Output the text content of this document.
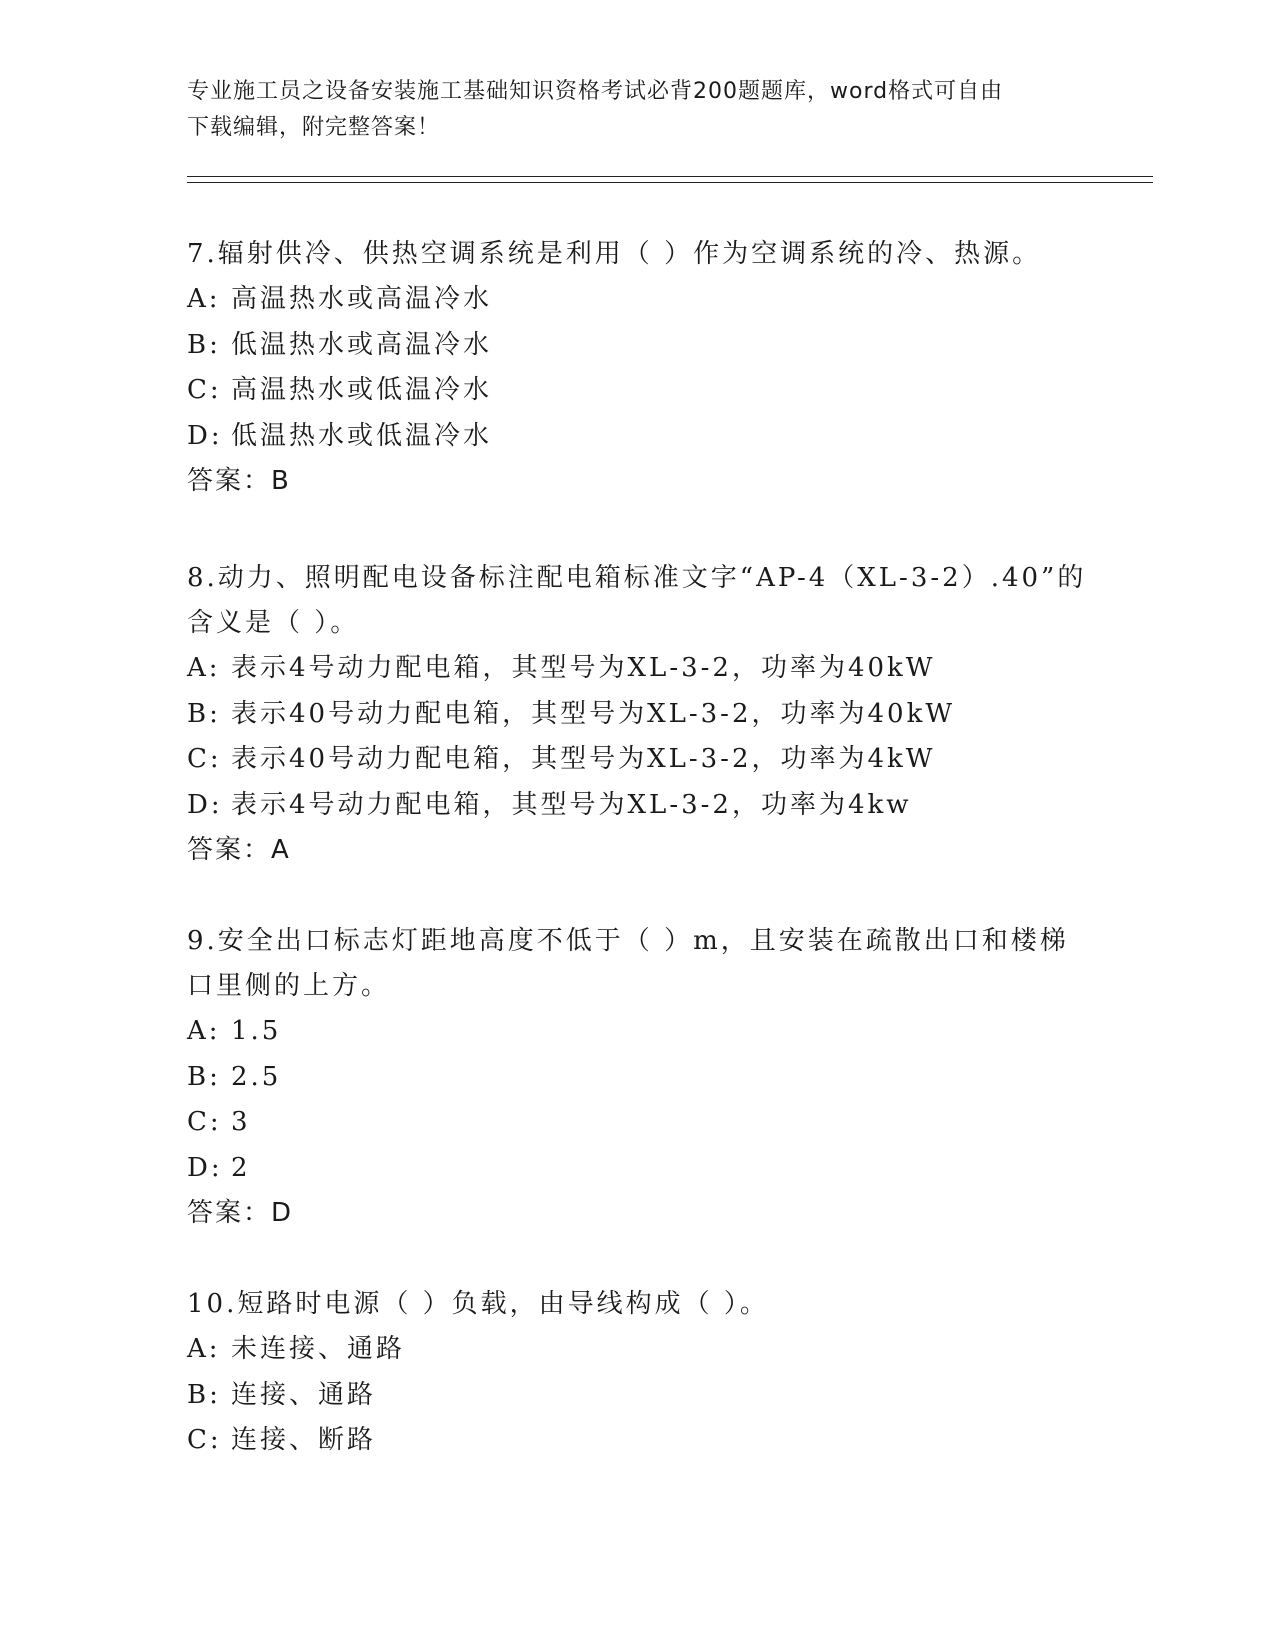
专业施工员之设备安装施工基础知识资格考试必背200题题库，word格式可自由
下载编辑，附完整答案！
7.辐射供冷、供热空调系统是利用（ ）作为空调系统的冷、热源。
A: 高温热水或高温冷水
B: 低温热水或高温冷水
C: 高温热水或低温冷水
D: 低温热水或低温冷水
答案：B
8.动力、照明配电设备标注配电箱标准文字“AP-4（XL-3-2）.40”的含义是（ ）。
A: 表示4号动力配电箱，其型号为XL-3-2，功率为40kW
B: 表示40号动力配电箱，其型号为XL-3-2，功率为40kW
C: 表示40号动力配电箱，其型号为XL-3-2，功率为4kW
D: 表示4号动力配电箱，其型号为XL-3-2，功率为4kw
答案：A
9.安全出口标志灯距地高度不低于（ ）m，且安装在疏散出口和楼梯口里侧的上方。
A: 1.5
B: 2.5
C: 3
D: 2
答案：D
10.短路时电源（ ）负载，由导线构成（ ）。
A: 未连接、通路
B: 连接、通路
C: 连接、断路
